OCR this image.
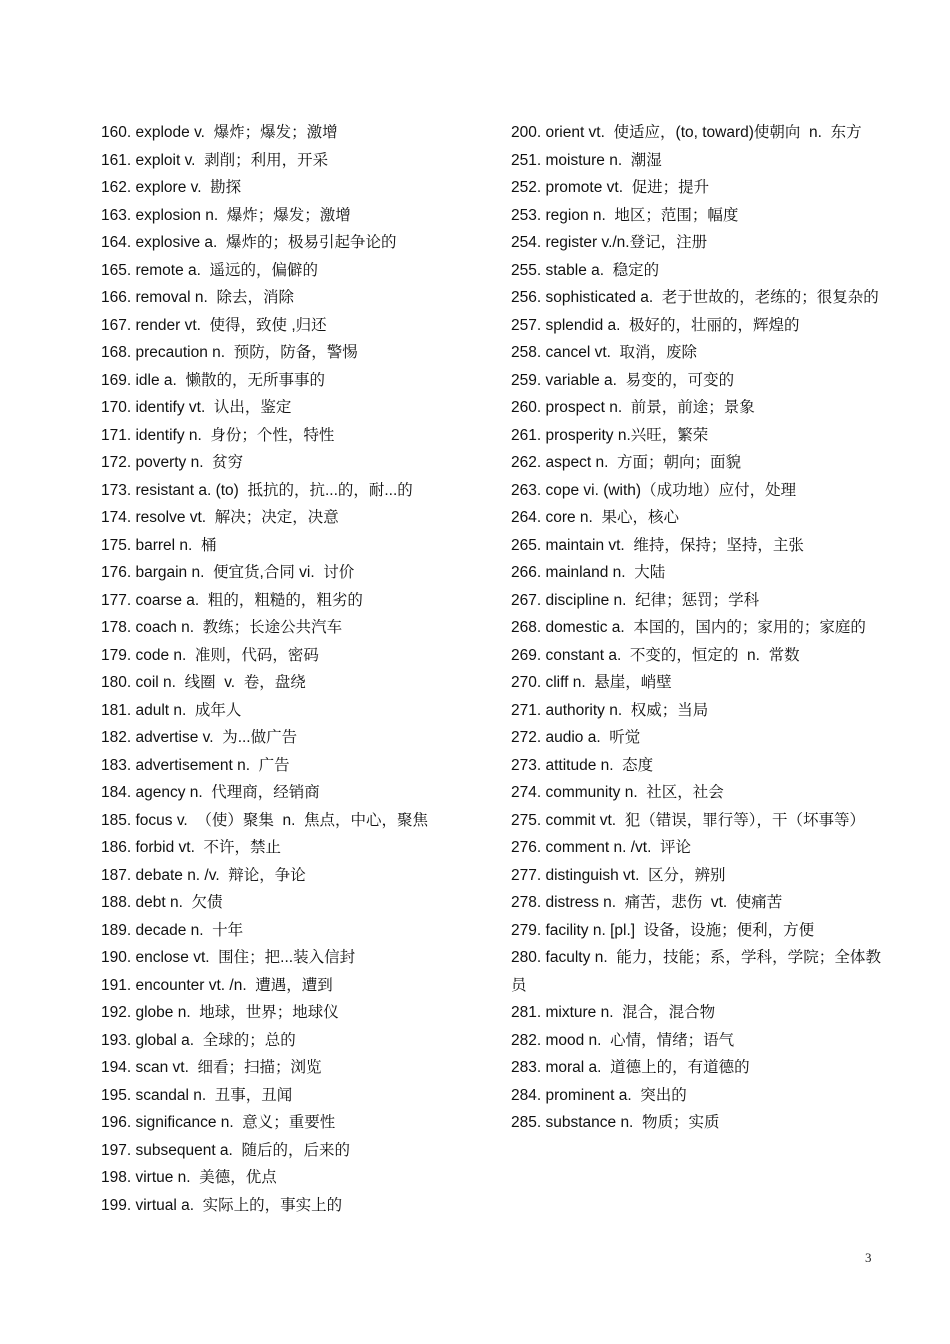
160. explode v.  爆炸；爆发；激增
161. exploit v.  剥削；利用，开采
162. explore v.  勘探
163. explosion n.  爆炸；爆发；激增
164. explosive a.  爆炸的；极易引起争论的
165. remote a.  遥远的，偏僻的
166. removal n.  除去，消除
167. render vt.  使得，致使 ,归还
168. precaution n.  预防，防备，警惕
169. idle a.  懒散的，无所事事的
170. identify vt.  认出，鉴定
171. identify n.  身份；个性，特性
172. poverty n.  贫穷
173. resistant a. (to)  抵抗的，抗...的，耐...的
174. resolve vt.  解决；决定，决意
175. barrel n.  桶
176. bargain n.  便宜货,合同 vi.  讨价
177. coarse a.  粗的，粗糙的，粗劣的
178. coach n.  教练；长途公共汽车
179. code n.  准则，代码，密码
180. coil n.  线圈  v.  卷，盘绕
181. adult n.  成年人
182. advertise v.  为...做广告
183. advertisement n.  广告
184. agency n.  代理商，经销商
185. focus v.  （使）聚集  n.  焦点，中心，聚焦
186. forbid vt.  不许，禁止
187. debate n. /v.  辩论，争论
188. debt n.  欠债
189. decade n.  十年
190. enclose vt.  围住；把...装入信封
191. encounter vt. /n.  遭遇，遭到
192. globe n.  地球，世界；地球仪
193. global a.  全球的；总的
194. scan vt.  细看；扫描；浏览
195. scandal n.  丑事，丑闻
196. significance n.  意义；重要性
197. subsequent a.  随后的，后来的
198. virtue n.  美德，优点
199. virtual a.  实际上的，事实上的
200. orient vt.  使适应，(to, toward)使朝向  n.  东方
251. moisture n.  潮湿
252. promote vt.  促进；提升
253. region n.  地区；范围；幅度
254. register v./n.登记，注册
255. stable a.  稳定的
256. sophisticated a.  老于世故的，老练的；很复杂的
257. splendid a.  极好的，壮丽的，辉煌的
258. cancel vt.  取消，废除
259. variable a.  易变的，可变的
260. prospect n.  前景，前途；景象
261. prosperity n.兴旺，繁荣
262. aspect n.  方面；朝向；面貌
263. cope vi. (with)（成功地）应付，处理
264. core n.  果心，核心
265. maintain vt.  维持，保持；坚持，主张
266. mainland n.  大陆
267. discipline n.  纪律；惩罚；学科
268. domestic a.  本国的，国内的；家用的；家庭的
269. constant a.  不变的，恒定的  n.  常数
270. cliff n.  悬崖，峭壁
271. authority n.  权威；当局
272. audio a.  听觉
273. attitude n.  态度
274. community n.  社区，社会
275. commit vt.  犯（错误，罪行等），干（坏事等）
276. comment n. /vt.  评论
277. distinguish vt.  区分，辨别
278. distress n.  痛苦，悲伤  vt.  使痛苦
279. facility n. [pl.]  设备，设施；便利，方便
280. faculty n.  能力，技能；系，学科，学院；全体教员
281. mixture n.  混合，混合物
282. mood n.  心情，情绪；语气
283. moral a.  道德上的，有道德的
284. prominent a.  突出的
285. substance n.  物质；实质
3
